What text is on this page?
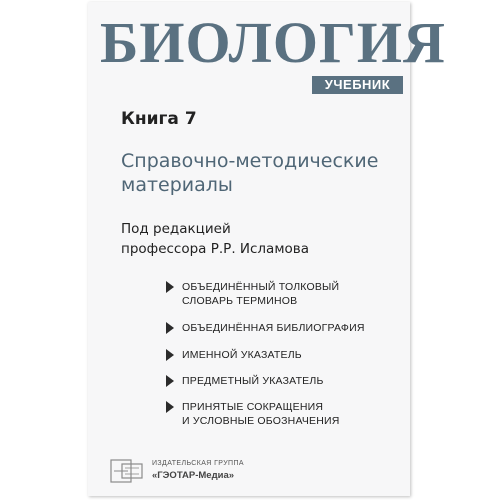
БИОЛОГИЯ
УЧЕБНИК
Книга 7
Справочно-методические материалы
Под редакцией
профессора Р.Р. Исламова
ОБЪЕДИНЁННЫЙ ТОЛКОВЫЙ
СЛОВАРЬ ТЕРМИНОВ
ОБЪЕДИНЁННАЯ БИБЛИОГРАФИЯ
ИМЕННОЙ УКАЗАТЕЛЬ
ПРЕДМЕТНЫЙ УКАЗАТЕЛЬ
ПРИНЯТЫЕ СОКРАЩЕНИЯ
И УСЛОВНЫЕ ОБОЗНАЧЕНИЯ
ИЗДАТЕЛЬСКАЯ ГРУППА
«ГЭОТАР-Медиа»
